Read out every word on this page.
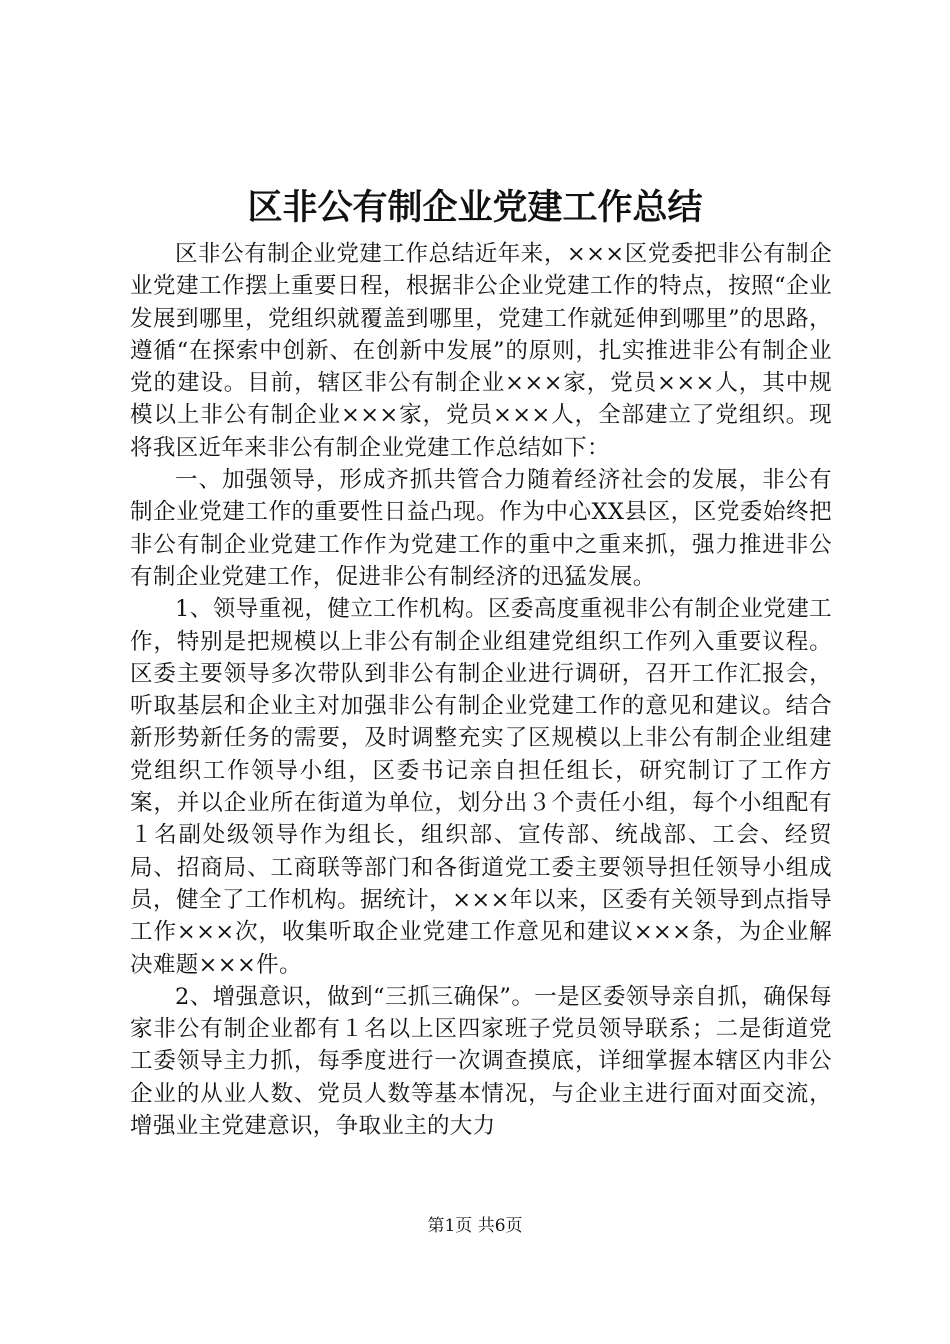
区非公有制企业党建工作总结

区非公有制企业党建工作总结近年来，×××区党委把非公有制企业党建工作摆上重要日程，根据非公企业党建工作的特点，按照“企业发展到哪里，党组织就覆盖到哪里，党建工作就延伸到哪里”的思路，遵循“在探索中创新、在创新中发展”的原则，扎实推进非公有制企业党的建设。目前，辖区非公有制企业×××家，党员×××人，其中规模以上非公有制企业×××家，党员×××人，全部建立了党组织。现将我区近年来非公有制企业党建工作总结如下：

一、加强领导，形成齐抓共管合力随着经济社会的发展，非公有制企业党建工作的重要性日益凸现。作为中心XX县区，区党委始终把非公有制企业党建工作作为党建工作的重中之重来抓，强力推进非公有制企业党建工作，促进非公有制经济的迅猛发展。

1、领导重视，健立工作机构。区委高度重视非公有制企业党建工作，特别是把规模以上非公有制企业组建党组织工作列入重要议程。区委主要领导多次带队到非公有制企业进行调研，召开工作汇报会，听取基层和企业主对加强非公有制企业党建工作的意见和建议。结合新形势新任务的需要，及时调整充实了区规模以上非公有制企业组建党组织工作领导小组，区委书记亲自担任组长，研究制订了工作方案，并以企业所在街道为单位，划分出３个责任小组，每个小组配有１名副处级领导作为组长，组织部、宣传部、统战部、工会、经贸局、招商局、工商联等部门和各街道党工委主要领导担任领导小组成员，健全了工作机构。据统计，×××年以来，区委有关领导到点指导工作×××次，收集听取企业党建工作意见和建议×××条，为企业解决难题×××件。

2、增强意识，做到“三抓三确保”。一是区委领导亲自抓，确保每家非公有制企业都有１名以上区四家班子党员领导联系；二是街道党工委领导主力抓，每季度进行一次调查摸底，详细掌握本辖区内非公企业的从业人数、党员人数等基本情况，与企业主进行面对面交流，增强业主党建意识，争取业主的大力

第1页 共6页
